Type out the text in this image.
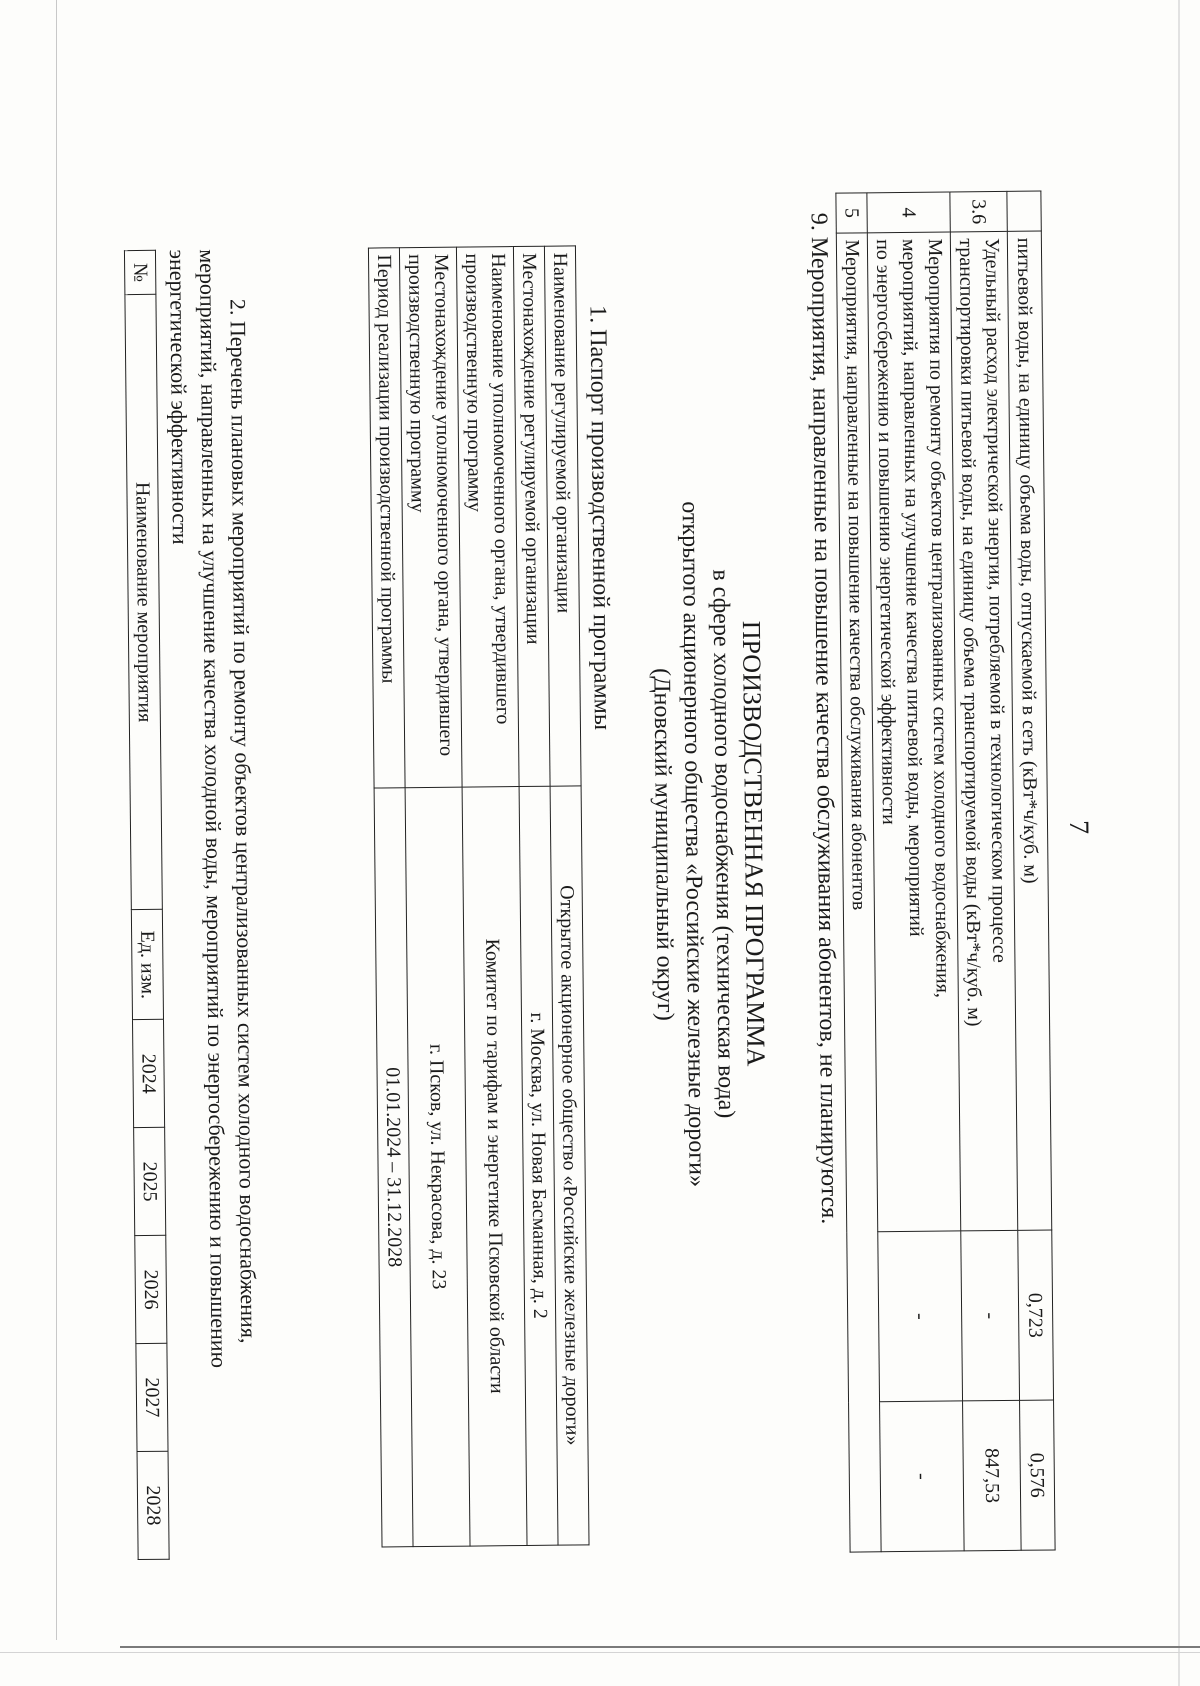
7
	питьевой воды, на единицу объема воды, отпускаемой в сеть (кВт*ч/куб. м)	0,723	0,576
3.6	Удельный расход электрической энергии, потребляемой в технологическом процессе
транспортировки питьевой воды, на единицу объема транспортируемой воды (кВт*ч/куб. м)	-	847,53
4	Мероприятия по ремонту объектов централизованных систем холодного водоснабжения,
мероприятий, направленных на улучшение качества питьевой воды, мероприятий
по энергосбережению и повышению энергетической эффективности	-	-
5	Мероприятия, направленные на повышение качества обслуживания абонентов		
9. Мероприятия, направленные на повышение качества обслуживания абонентов, не планируются.
ПРОИЗВОДСТВЕННАЯ ПРОГРАММА
в сфере холодного водоснабжения (техническая вода)
открытого акционерного общества «Российские железные дороги»
(Дновский муниципальный округ)
1. Паспорт производственной программы
Наименование регулируемой организации	Открытое акционерное общество «Российские железные дороги»
Местонахождение регулируемой организации	г. Москва, ул. Новая Басманная, д. 2
Наименование уполномоченного органа, утвердившего
производственную программу	Комитет по тарифам и энергетике Псковской области
Местонахождение уполномоченного органа, утвердившего
производственную программу	г. Псков, ул. Некрасова, д. 23
Период реализации производственной программы	01.01.2024 – 31.12.2028
2. Перечень плановых мероприятий по ремонту объектов централизованных систем холодного водоснабжения,
мероприятий, направленных на улучшение качества холодной воды, мероприятий по энергосбережению и повышению
энергетической эффективности
№	Наименование мероприятия	Ед. изм.	2024	2025	2026	2027	2028
